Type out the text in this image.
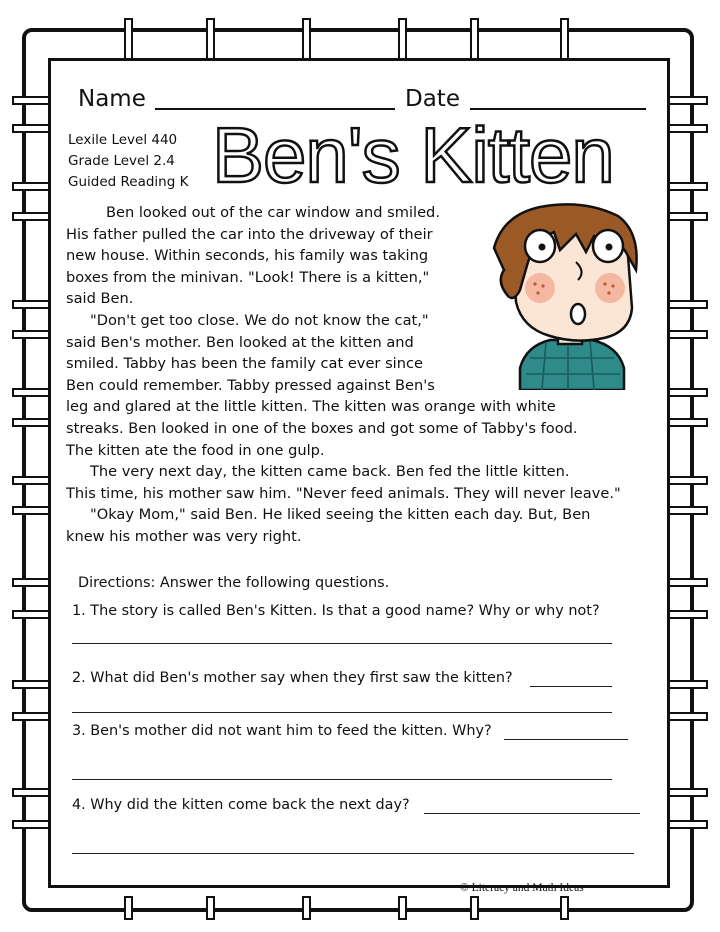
Name	Date
Lexile Level 440
Grade Level 2.4
Guided Reading K Ben's Kitten

Ben looked out of the car window and smiled.
His father pulled the car into the driveway of their
new house. Within seconds, his family was taking
boxes from the minivan. "Look! There is a kitten,"
said Ben.

"Don't get too close. We do not know the cat,"
said Ben's mother. Ben looked at the kitten and
smiled. Tabby has been the family cat ever since
Ben could remember. Tabby pressed against Ben's
leg and glared at the little kitten. The kitten was orange with white
streaks. Ben looked in one of the boxes and got some of Tabby's food.
The kitten ate the food in one gulp.

The very next day, the kitten came back. Ben fed the little kitten.
This time, his mother saw him. "Never feed animals. They will never leave."

"Okay Mom," said Ben. He liked seeing the kitten each day. But, Ben
knew his mother was very right.

Directions: Answer the following questions.
1. The story is called Ben's Kitten. Is that a good name? Why or why not?
2. What did Ben's mother say when they first saw the kitten?
3. Ben's mother did not want him to feed the kitten. Why?
4. Why did the kitten come back the next day?
© Literacy and Math Ideas
